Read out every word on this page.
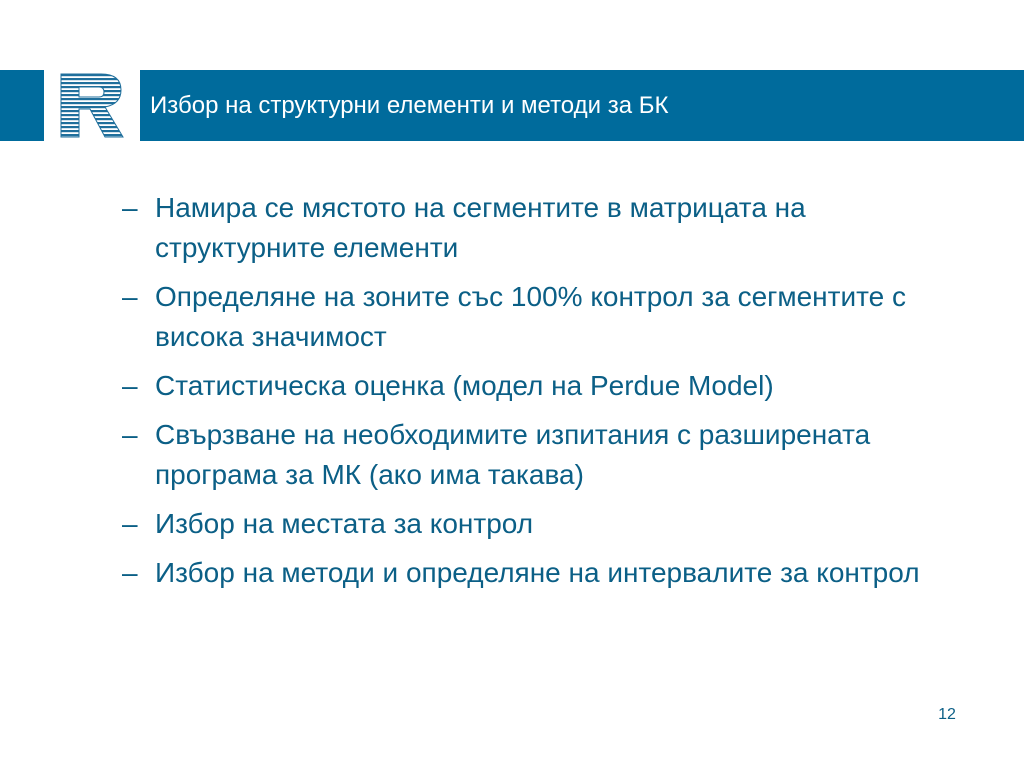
Избор на структурни елементи и методи за БК
– Намира се мястото на сегментите в матрицата на структурните елементи
– Определяне на зоните със 100% контрол за сегментите с висока значимост
– Статистическа оценка (модел на Perdue Model)
– Свързване на необходимите изпитания с разширената програма за МК (ако има такава)
– Избор на местата за контрол
– Избор на методи и определяне на интервалите за контрол
12
